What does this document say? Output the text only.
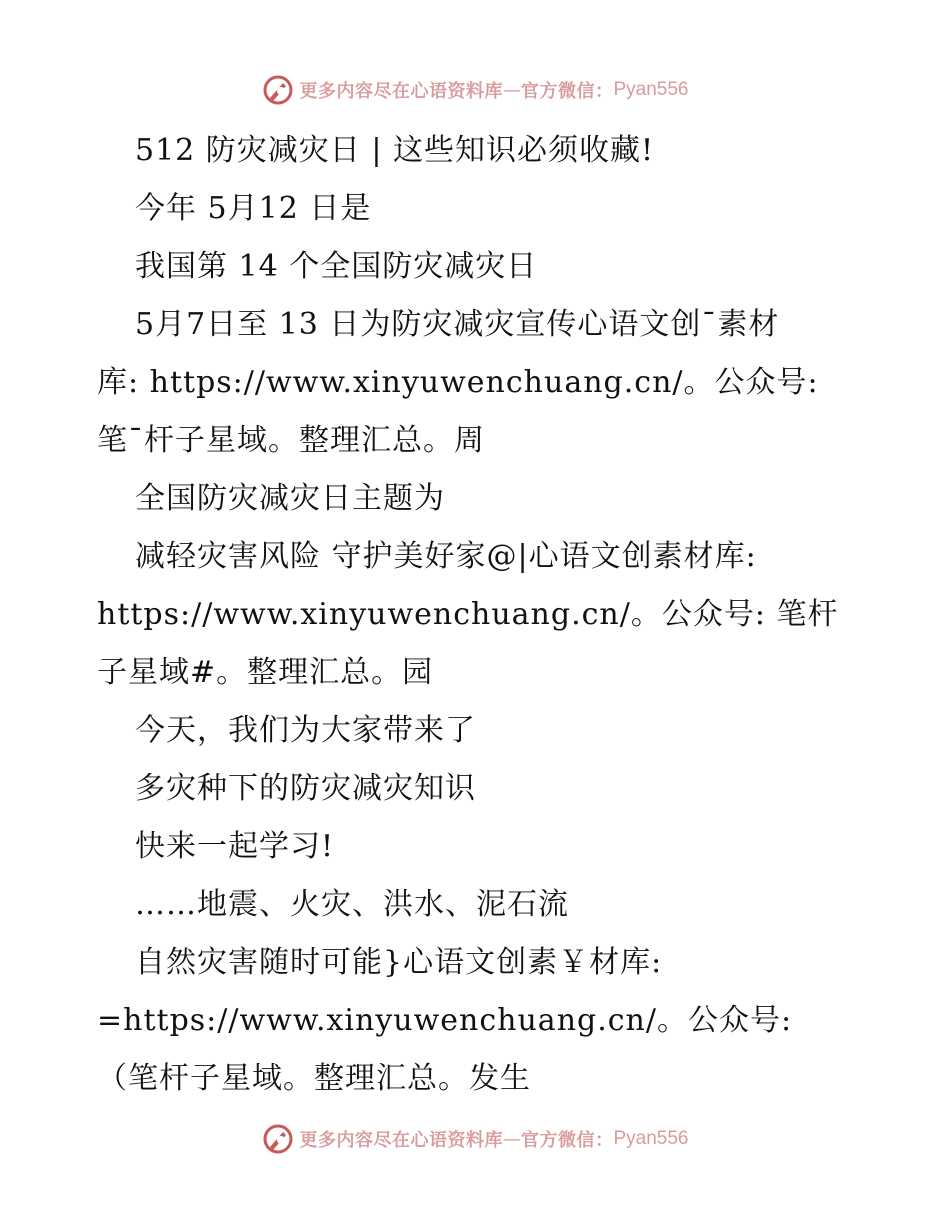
更多内容尽在心语资料库 — 官方微信： Pyan556

512 防灾减灾日 | 这些知识必须收藏!

今年 5月12 日是

我国第 14 个全国防灾减灾日

5月7日至 13 日为防灾减灾宣传心语文创¯素材

库: https://www.xinyuwenchuang.cn/。公众号:

笔¯杆子星域。整理汇总。周

全国防灾减灾日主题为

减轻灾害风险 守护美好家@|心语文创素材库:

https://www.xinyuwenchuang.cn/。公众号: 笔杆

子星域#。整理汇总。园

今天，我们为大家带来了

多灾种下的防灾减灾知识

快来一起学习!

……地震、火灾、洪水、泥石流

自然灾害随时可能}心语文创素￥材库:

=https://www.xinyuwenchuang.cn/。公众号:

（笔杆子星域。整理汇总。发生

更多内容尽在心语资料库 — 官方微信： Pyan556
